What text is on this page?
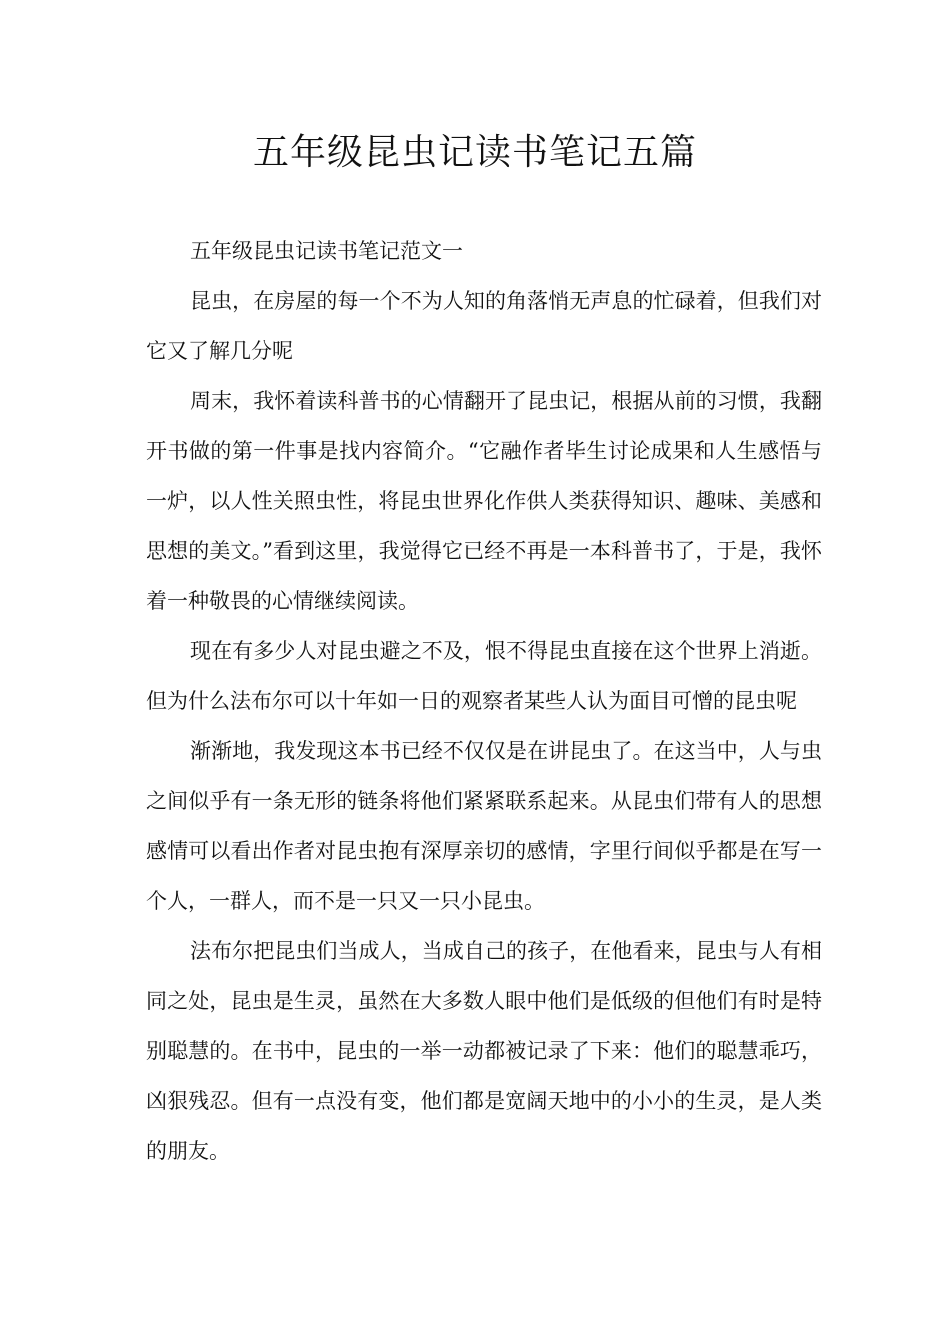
五年级昆虫记读书笔记五篇

五年级昆虫记读书笔记范文一

昆虫，在房屋的每一个不为人知的角落悄无声息的忙碌着，但我们对它又了解几分呢

周末，我怀着读科普书的心情翻开了昆虫记，根据从前的习惯，我翻开书做的第一件事是找内容简介。“它融作者毕生讨论成果和人生感悟与一炉，以人性关照虫性，将昆虫世界化作供人类获得知识、趣味、美感和思想的美文。”看到这里，我觉得它已经不再是一本科普书了，于是，我怀着一种敬畏的心情继续阅读。

现在有多少人对昆虫避之不及，恨不得昆虫直接在这个世界上消逝。但为什么法布尔可以十年如一日的观察者某些人认为面目可憎的昆虫呢

渐渐地，我发现这本书已经不仅仅是在讲昆虫了。在这当中，人与虫之间似乎有一条无形的链条将他们紧紧联系起来。从昆虫们带有人的思想感情可以看出作者对昆虫抱有深厚亲切的感情，字里行间似乎都是在写一个人，一群人，而不是一只又一只小昆虫。

法布尔把昆虫们当成人，当成自己的孩子，在他看来，昆虫与人有相同之处，昆虫是生灵，虽然在大多数人眼中他们是低级的但他们有时是特别聪慧的。在书中，昆虫的一举一动都被记录了下来：他们的聪慧乖巧，凶狠残忍。但有一点没有变，他们都是宽阔天地中的小小的生灵，是人类的朋友。
